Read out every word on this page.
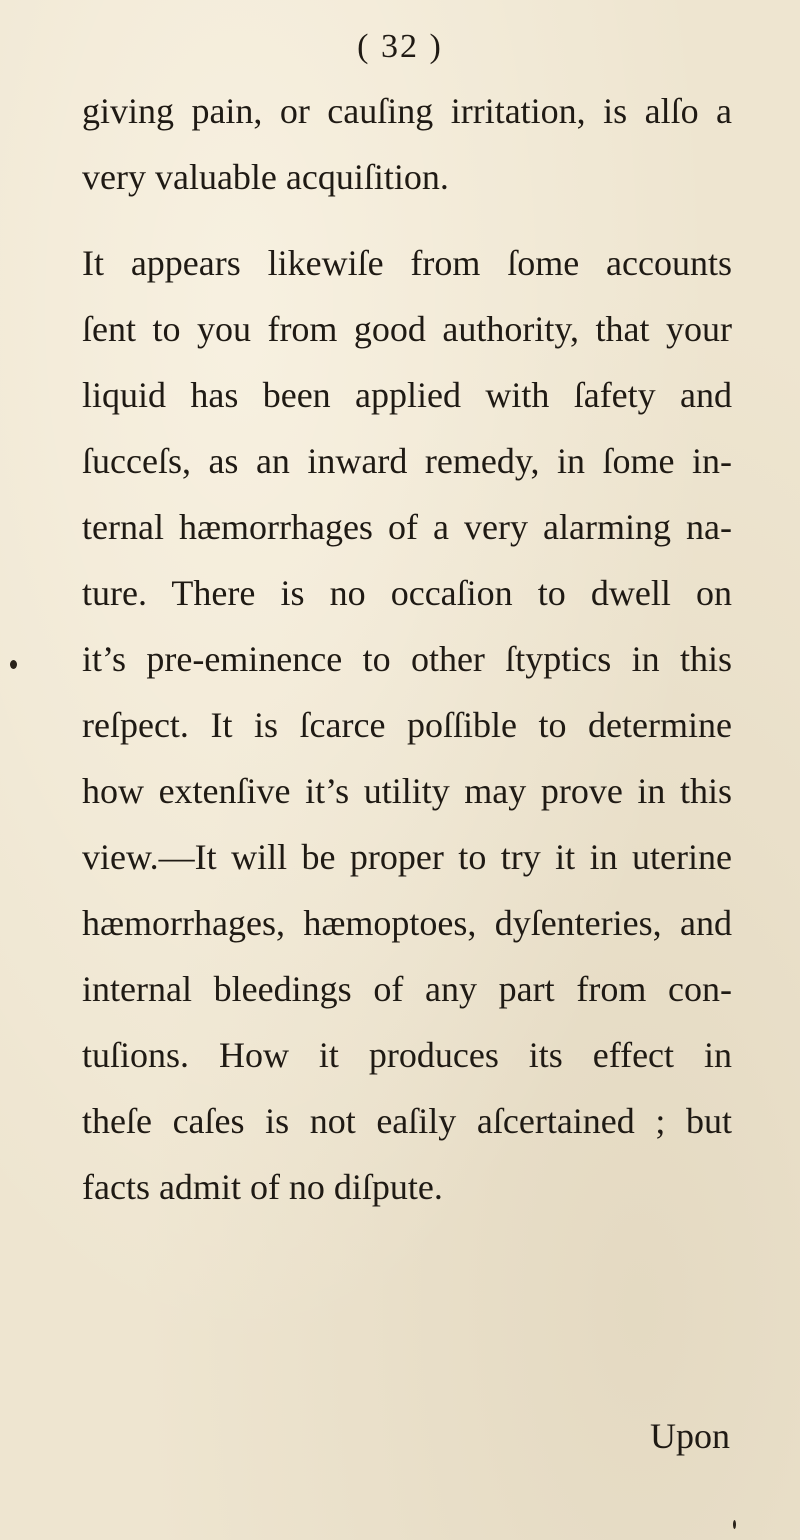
( 32 )
giving pain, or cauſing irritation, is alſo a
very valuable acquiſition.
It appears likewiſe from ſome accounts
ſent to you from good authority, that your
liquid has been applied with ſafety and
ſucceſs, as an inward remedy, in ſome in-
ternal hæmorrhages of a very alarming na-
ture. There is no occaſion to dwell on
it’s pre-eminence to other ſtyptics in this
reſpect. It is ſcarce poſſible to determine
how extenſive it’s utility may prove in this
view.—It will be proper to try it in uterine
hæmorrhages, hæmoptoes, dyſenteries, and
internal bleedings of any part from con-
tuſions. How it produces its effect in
theſe caſes is not eaſily aſcertained ; but
facts admit of no diſpute.
Upon
